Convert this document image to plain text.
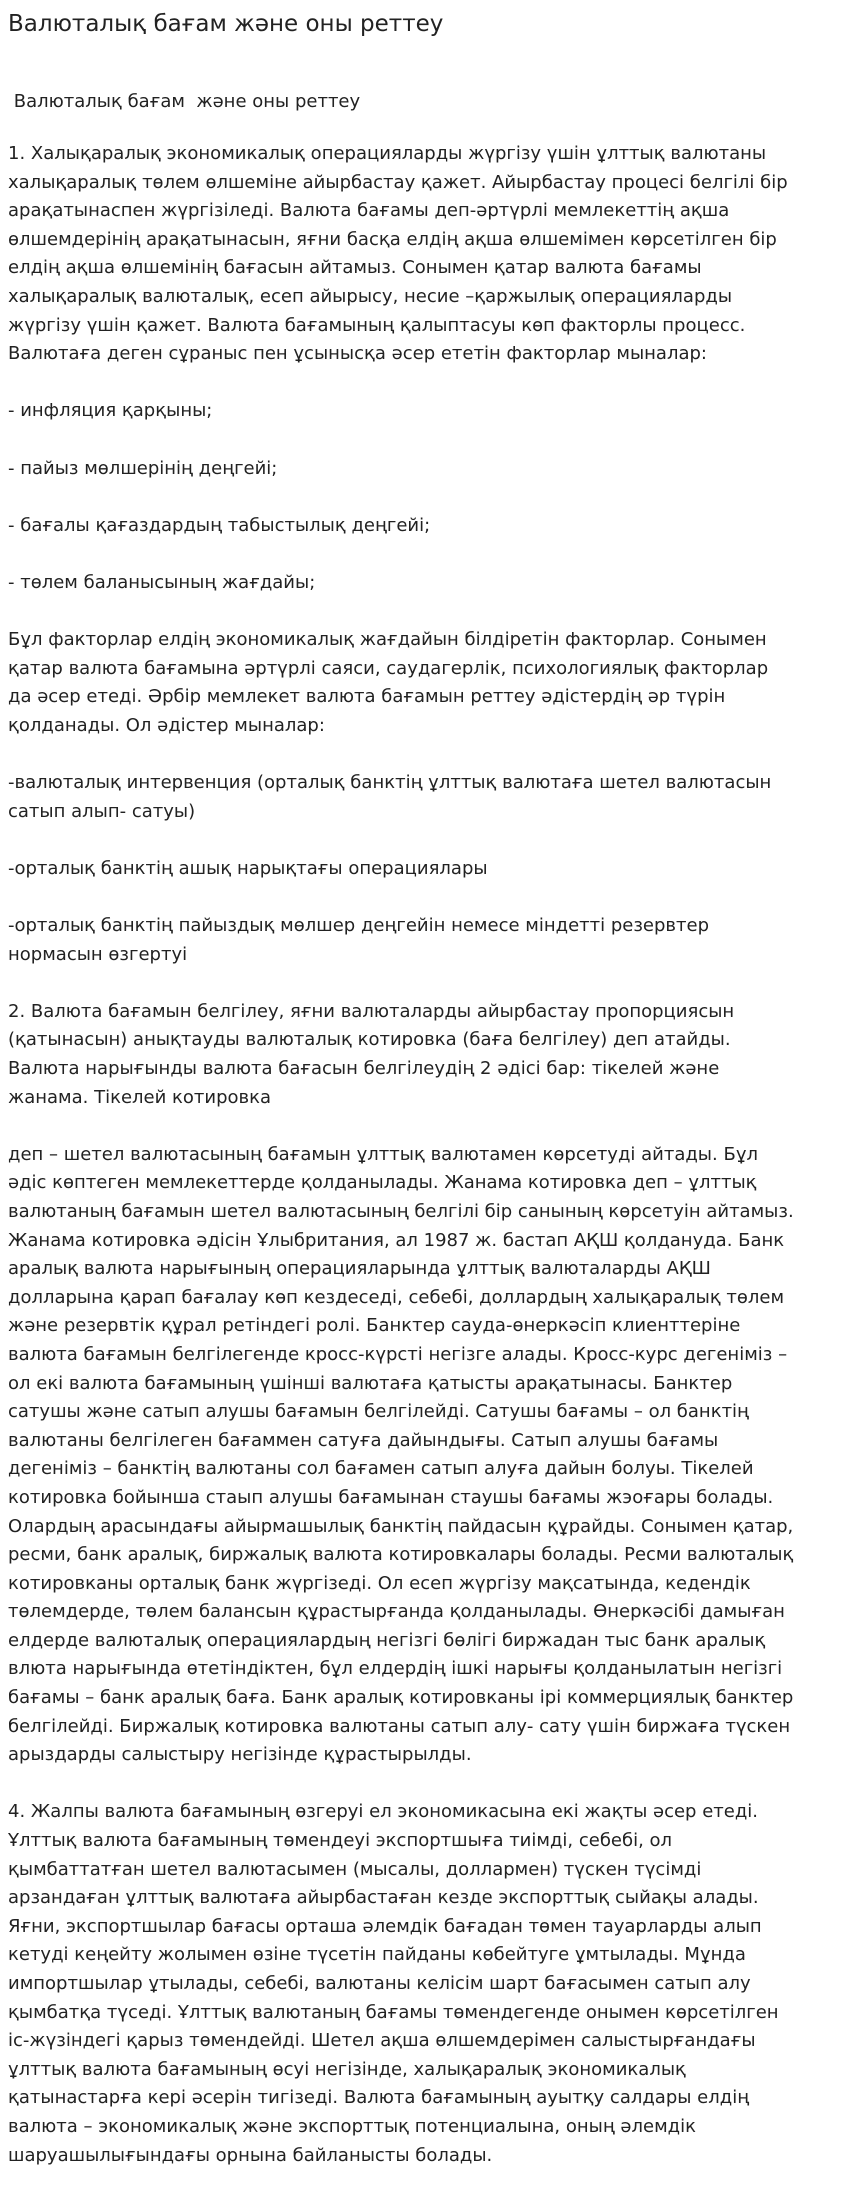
Валюталық бағам және оны реттеу
Валюталық бағам  және оны реттеу

1. Халықаралық экономикалық операцияларды жүргізу үшін ұлттық валютаны
халықаралық төлем өлшеміне айырбастау қажет. Айырбастау процесі белгілі бір
арақатынаспен жүргізіледі. Валюта бағамы деп-әртүрлі мемлекеттің ақша
өлшемдерінің арақатынасын, яғни басқа елдің ақша өлшемімен көрсетілген бір
елдің ақша өлшемінің бағасын айтамыз. Сонымен қатар валюта бағамы
халықаралық валюталық, есеп айырысу, несие –қаржылық операцияларды
жүргізу үшін қажет. Валюта бағамының қалыптасуы көп факторлы процесс.
Валютаға деген сұраныс пен ұсынысқа әсер ететін факторлар мыналар:

- инфляция қарқыны;

- пайыз мөлшерінің деңгейі;

- бағалы қағаздардың табыстылық деңгейі;

- төлем баланысының жағдайы;

Бұл факторлар елдің экономикалық жағдайын білдіретін факторлар. Сонымен
қатар валюта бағамына әртүрлі саяси, саудагерлік, психологиялық факторлар
да әсер етеді. Әрбір мемлекет валюта бағамын реттеу әдістердің әр түрін
қолданады. Ол әдістер мыналар:

-валюталық интервенция (орталық банктің ұлттық валютаға шетел валютасын
сатып алып- сатуы)

-орталық банктің ашық нарықтағы операциялары

-орталық банктің пайыздық мөлшер деңгейін немесе міндетті резервтер
нормасын өзгертуі

2. Валюта бағамын белгілеу, яғни валюталарды айырбастау пропорциясын
(қатынасын) анықтауды валюталық котировка (баға белгілеу) деп атайды.
Валюта нарығынды валюта бағасын белгілеудің 2 әдісі бар: тікелей және
жанама. Тікелей котировка

деп – шетел валютасының бағамын ұлттық валютамен көрсетуді айтады. Бұл
әдіс көптеген мемлекеттерде қолданылады. Жанама котировка деп – ұлттық
валютаның бағамын шетел валютасының белгілі бір санының көрсетуін айтамыз.
Жанама котировка әдісін Ұлыбритания, ал 1987 ж. бастап АҚШ қолдануда. Банк
аралық валюта нарығының операцияларында ұлттық валюталарды АҚШ
долларына қарап бағалау көп кездеседі, себебі, доллардың халықаралық төлем
және резервтік құрал ретіндегі ролі. Банктер сауда-өнеркәсіп клиенттеріне
валюта бағамын белгілегенде кросс-күрсті негізге алады. Кросс-курс дегеніміз –
ол екі валюта бағамының үшінші валютаға қатысты арақатынасы. Банктер
сатушы және сатып алушы бағамын белгілейді. Сатушы бағамы – ол банктің
валютаны белгілеген бағаммен сатуға дайындығы. Сатып алушы бағамы
дегеніміз – банктің валютаны сол бағамен сатып алуға дайын болуы. Тікелей
котировка бойынша стаып алушы бағамынан стаушы бағамы жэоғары болады.
Олардың арасындағы айырмашылық банктің пайдасын құрайды. Сонымен қатар,
ресми, банк аралық, биржалық валюта котировкалары болады. Ресми валюталық
котировканы орталық банк жүргізеді. Ол есеп жүргізу мақсатында, кедендік
төлемдерде, төлем балансын құрастырғанда қолданылады. Өнеркәсібі дамыған
елдерде валюталық операциялардың негізгі бөлігі биржадан тыс банк аралық
влюта нарығында өтетіндіктен, бұл елдердің ішкі нарығы қолданылатын негізгі
бағамы – банк аралық баға. Банк аралық котировканы ірі коммерциялық банктер
белгілейді. Биржалық котировка валютаны сатып алу- сату үшін биржаға түскен
арыздарды салыстыру негізінде құрастырылды.

4. Жалпы валюта бағамының өзгеруі ел экономикасына екі жақты әсер етеді.
Ұлттық валюта бағамының төмендеуі экспортшыға тиімді, себебі, ол
қымбаттатған шетел валютасымен (мысалы, доллармен) түскен түсімді
арзандаған ұлттық валютаға айырбастаған кезде экспорттық сыйақы алады.
Яғни, экспортшылар бағасы орташа әлемдік бағадан төмен тауарларды алып
кетуді кеңейту жолымен өзіне түсетін пайданы көбейтуге ұмтылады. Мұнда
импортшылар ұтылады, себебі, валютаны келісім шарт бағасымен сатып алу
қымбатқа түседі. Ұлттық валютаның бағамы төмендегенде онымен көрсетілген
іс-жүзіндегі қарыз төмендейді. Шетел ақша өлшемдерімен салыстырғандағы
ұлттық валюта бағамының өсуі негізінде, халықаралық экономикалық
қатынастарға кері әсерін тигізеді. Валюта бағамының ауытқу салдары елдің
валюта – экономикалық және экспорттық потенциалына, оның әлемдік
шаруашылығындағы орнына байланысты болады.
